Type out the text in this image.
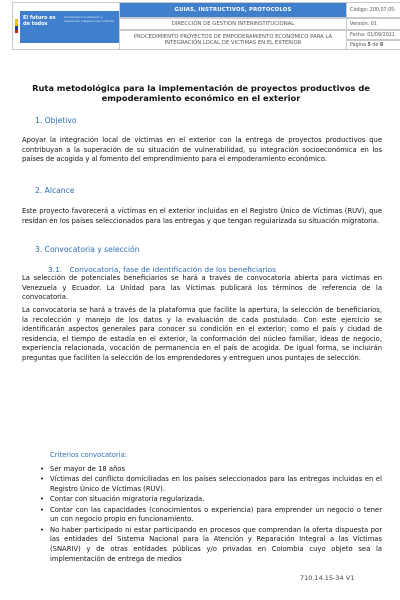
El futuro es de todos
Unidad para la atención y reparación integral a las víctimas
GUIAS, INSTRUCTIVOS, PROTOCOLOS
DIRECCIÓN DE GESTIÓN INTERINSTITUCIONAL
PROCEDIMIENTO PROYECTOS DE EMPODERAMIENTO ECONÓMICO PARA LA INTEGRACIÓN LOCAL DE VICTIMAS EN EL EXTERIOR
Código: 200,07,05-
Versión: 01
Fecha: 01/09/2021
Página
5
de
6
Ruta metodológica para la implementación de proyectos productivos de empoderamiento económico en el exterior
1. Objetivo
Apoyar la integración local de víctimas en el exterior con la entrega de proyectos productivos que contribuyan a la superación de su situación de vulnerabilidad, su integración socioeconómica en los países de acogida y al fomento del emprendimiento para el empoderamiento económico.
2. Alcance
Este proyecto favorecerá a víctimas en el exterior incluidas en el Registro Único de Víctimas (RUV), que residan en los países seleccionados para las entregas y que tengan regularizada su situación migratoria.
3. Convocatoria y selección
3.1. Convocatoria, fase de identificación de los beneficiarios
La selección de potenciales beneficiarios se hará a través de convocatoria abierta para víctimas en Venezuela y Ecuador. La Unidad para las Víctimas publicará los términos de referencia de la convocatoria.
La convocatoria se hará a través de la plataforma que facilite la apertura, la selección de beneficiarios, la recolección y manejo de los datos y la evaluación de cada postulado. Con este ejercicio se identificarán aspectos generales para conocer su condición en el exterior; como el país y ciudad de residencia, el tiempo de estadía en el exterior, la conformación del núcleo familiar, ideas de negocio, experiencia relacionada, vocación de permanencia en el país de acogida. De igual forma, se incluirán preguntas que faciliten la selección de los emprendedores y entreguen unos puntajes de selección.
Criterios convocatoria:
• Ser mayor de 18 años
• Víctimas del conflicto domiciliadas en los países seleccionados para las entregas incluidas en el Registro Único de Víctimas (RUV).
• Contar con situación migratoria regularizada.
• Contar con las capacidades (conocimientos o experiencia) para emprender un negocio o tener un con negocio propio en funcionamiento.
• No haber participado ni estar participando en procesos que comprendan la oferta dispuesta por las entidades del Sistema Nacional para la Atención y Reparación Integral a las Víctimas (SNARIV) y de otras entidades públicas y/o privadas en Colombia cuyo objeto sea la implementación de entrega de medios
710.14.15-34 V1
